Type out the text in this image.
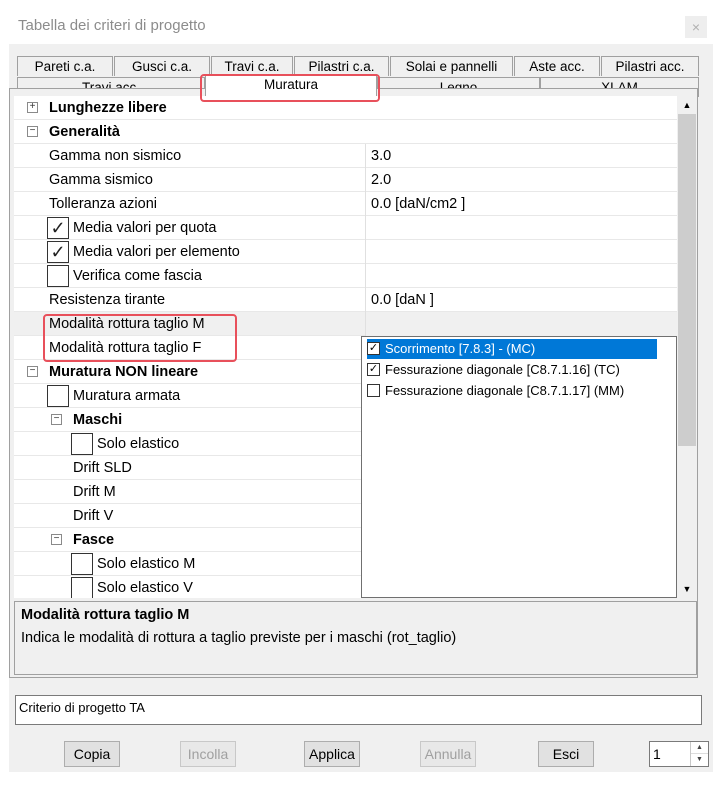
Tabella dei criteri di progetto	×
Pareti c.a.	Gusci c.a.	Travi c.a.	Pilastri c.a.	Solai e pannelli	Aste acc.	Pilastri acc.
Muratura
+ Lunghezze libere
− Generalità
Gamma non sismico	3.0
Gamma sismico	2.0
Tolleranza azioni	0.0 [daN/cm2 ]
✓ Media valori per quota
✓ Media valori per elemento
Verifica come fascia
Resistenza tirante	0.0 [daN ]
Modalità rottura taglio M
Modalità rottura taglio F
− Muratura NON lineare
Muratura armata
− Maschi
Solo elastico
Drift SLD
Drift M
Drift V
− Fasce
Solo elastico M
Solo elastico V
✓ Scorrimento [7.8.3] - (MC)
✓ Fessurazione diagonale [C8.7.1.16] (TC)
Fessurazione diagonale [C8.7.1.17] (MM)
▲
▼
Modalità rottura taglio M
Indica le modalità di rottura a taglio previste per i maschi (rot_taglio)
Criterio di progetto TA
Copia	Incolla	Applica	Annulla	Esci	1	▲
▼
